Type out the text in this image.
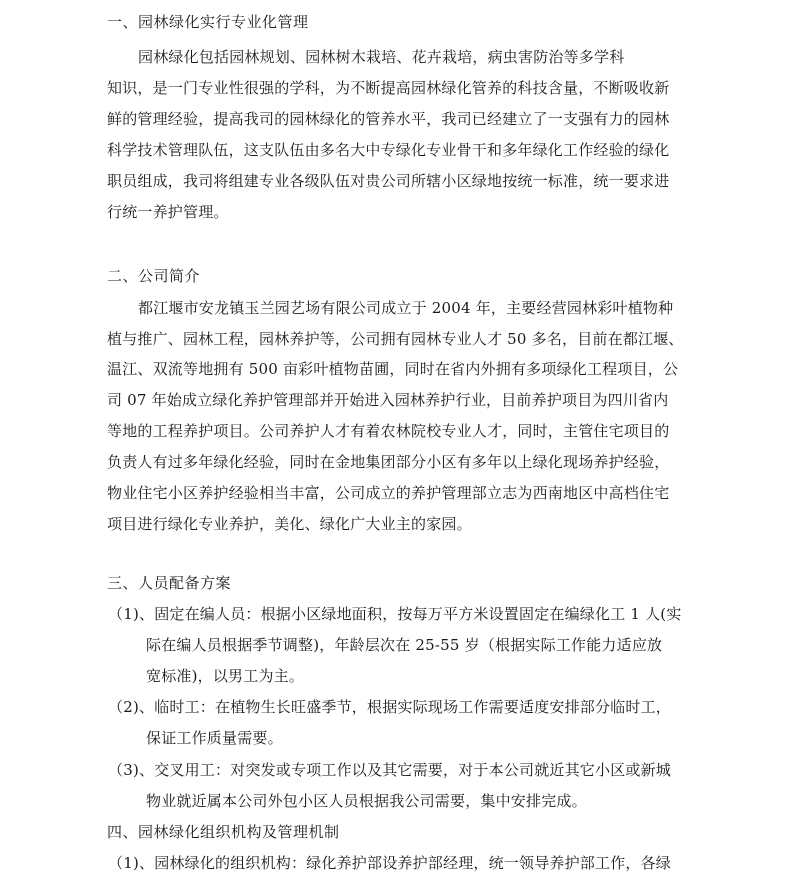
一、园林绿化实行专业化管理
园林绿化包括园林规划、园林树木栽培、花卉栽培，病虫害防治等多学科
知识，是一门专业性很强的学科，为不断提高园林绿化管养的科技含量，不断吸收新
鲜的管理经验，提高我司的园林绿化的管养水平，我司已经建立了一支强有力的园林
科学技术管理队伍，这支队伍由多名大中专绿化专业骨干和多年绿化工作经验的绿化
职员组成，我司将组建专业各级队伍对贵公司所辖小区绿地按统一标准，统一要求进
行统一养护管理。
二、公司简介
都江堰市安龙镇玉兰园艺场有限公司成立于 2004 年，主要经营园林彩叶植物种
植与推广、园林工程，园林养护等，公司拥有园林专业人才 50 多名，目前在都江堰、
温江、双流等地拥有 500 亩彩叶植物苗圃，同时在省内外拥有多项绿化工程项目，公
司 07 年始成立绿化养护管理部并开始进入园林养护行业，目前养护项目为四川省内
等地的工程养护项目。公司养护人才有着农林院校专业人才，同时，主管住宅项目的
负责人有过多年绿化经验，同时在金地集团部分小区有多年以上绿化现场养护经验，
物业住宅小区养护经验相当丰富，公司成立的养护管理部立志为西南地区中高档住宅
项目进行绿化专业养护，美化、绿化广大业主的家园。
三、人员配备方案
（1)、固定在编人员：根据小区绿地面积，按每万平方米设置固定在编绿化工 1 人(实
际在编人员根据季节调整)，年龄层次在 25-55 岁（根据实际工作能力适应放
宽标准)，以男工为主。
（2)、临时工：在植物生长旺盛季节，根据实际现场工作需要适度安排部分临时工，
保证工作质量需要。
（3)、交叉用工：对突发或专项工作以及其它需要，对于本公司就近其它小区或新城
物业就近属本公司外包小区人员根据我公司需要，集中安排完成。
四、园林绿化组织机构及管理机制
（1)、园林绿化的组织机构：绿化养护部设养护部经理，统一领导养护部工作，各绿
